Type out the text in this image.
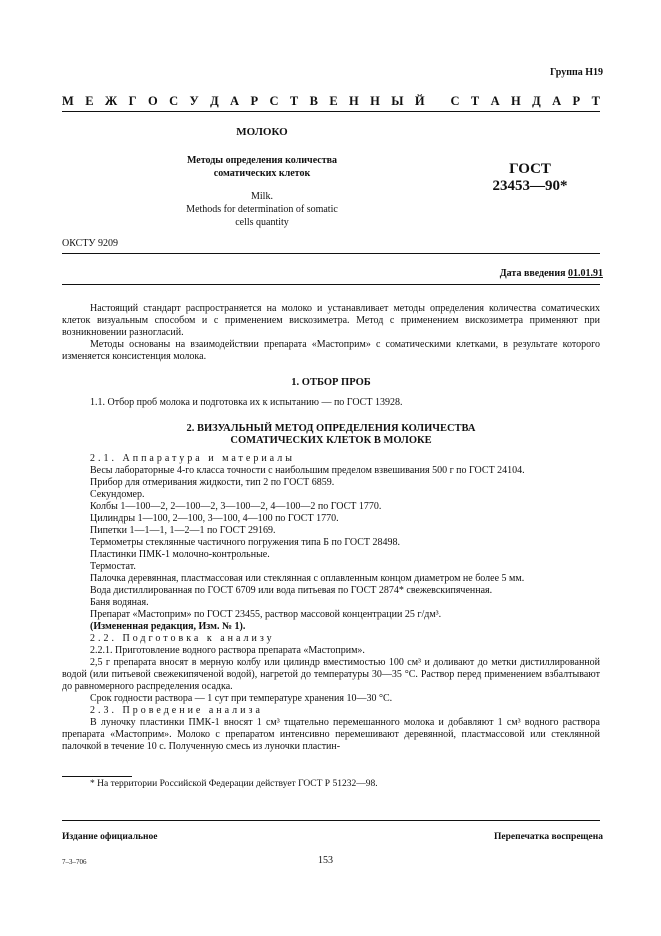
Группа Н19
М Е Ж Г О С У Д А Р С Т В Е Н Н Ы Й
С Т А Н Д А Р Т
МОЛОКО
Методы определения количества
соматических клеток
Milk.
Methods for determination of somatic
cells quantity
ГОСТ
23453—90*
ОКСТУ 9209
Дата введения 01.01.91

Настоящий стандарт распространяется на молоко и устанавливает методы определения количества соматических клеток визуальным способом и с применением вискозиметра. Метод с применением вискозиметра применяют при возникновении разногласий.

Методы основаны на взаимодействии препарата «Мастоприм» с соматическими клетками, в результате которого изменяется консистенция молока.

1. ОТБОР ПРОБ

1.1. Отбор проб молока и подготовка их к испытанию — по ГОСТ 13928.

2. ВИЗУАЛЬНЫЙ МЕТОД ОПРЕДЕЛЕНИЯ КОЛИЧЕСТВА

СОМАТИЧЕСКИХ КЛЕТОК В МОЛОКЕ

2.1. Аппаратура и материалы

Весы лабораторные 4-го класса точности с наибольшим пределом взвешивания 500 г по ГОСТ 24104.

Прибор для отмеривания жидкости, тип 2 по ГОСТ 6859.

Секундомер.

Колбы 1—100—2, 2—100—2, 3—100—2, 4—100—2 по ГОСТ 1770.

Цилиндры 1—100, 2—100, 3—100, 4—100 по ГОСТ 1770.

Пипетки 1—1—1, 1—2—1 по ГОСТ 29169.

Термометры стеклянные частичного погружения типа Б по ГОСТ 28498.

Пластинки ПМК-1 молочно-контрольные.

Термостат.

Палочка деревянная, пластмассовая или стеклянная с оплавленным концом диаметром не более 5 мм.

Вода дистиллированная по ГОСТ 6709 или вода питьевая по ГОСТ 2874* свежевскипяченная.

Баня водяная.

Препарат «Мастоприм» по ГОСТ 23455, раствор массовой концентрации 25 г/дм³.

(Измененная редакция, Изм. № 1).

2.2. Подготовка к анализу

2.2.1. Приготовление водного раствора препарата «Мастоприм».

2,5 г препарата вносят в мерную колбу или цилиндр вместимостью 100 см³ и доливают до метки дистиллированной водой (или питьевой свежекипяченой водой), нагретой до температуры 30—35 °С. Раствор перед применением взбалтывают до равномерного распределения осадка.

Срок годности раствора — 1 сут при температуре хранения 10—30 °С.

2.3. Проведение анализа

В луночку пластинки ПМК-1 вносят 1 см³ тщательно перемешанного молока и добавляют 1 см³ водного раствора препарата «Мастоприм». Молоко с препаратом интенсивно перемешивают деревянной, пластмассовой или стеклянной палочкой в течение 10 с. Полученную смесь из луночки пластин-

* На территории Российской Федерации действует ГОСТ Р 51232—98.
Издание официальное	Перепечатка воспрещена
7–3–706	153
